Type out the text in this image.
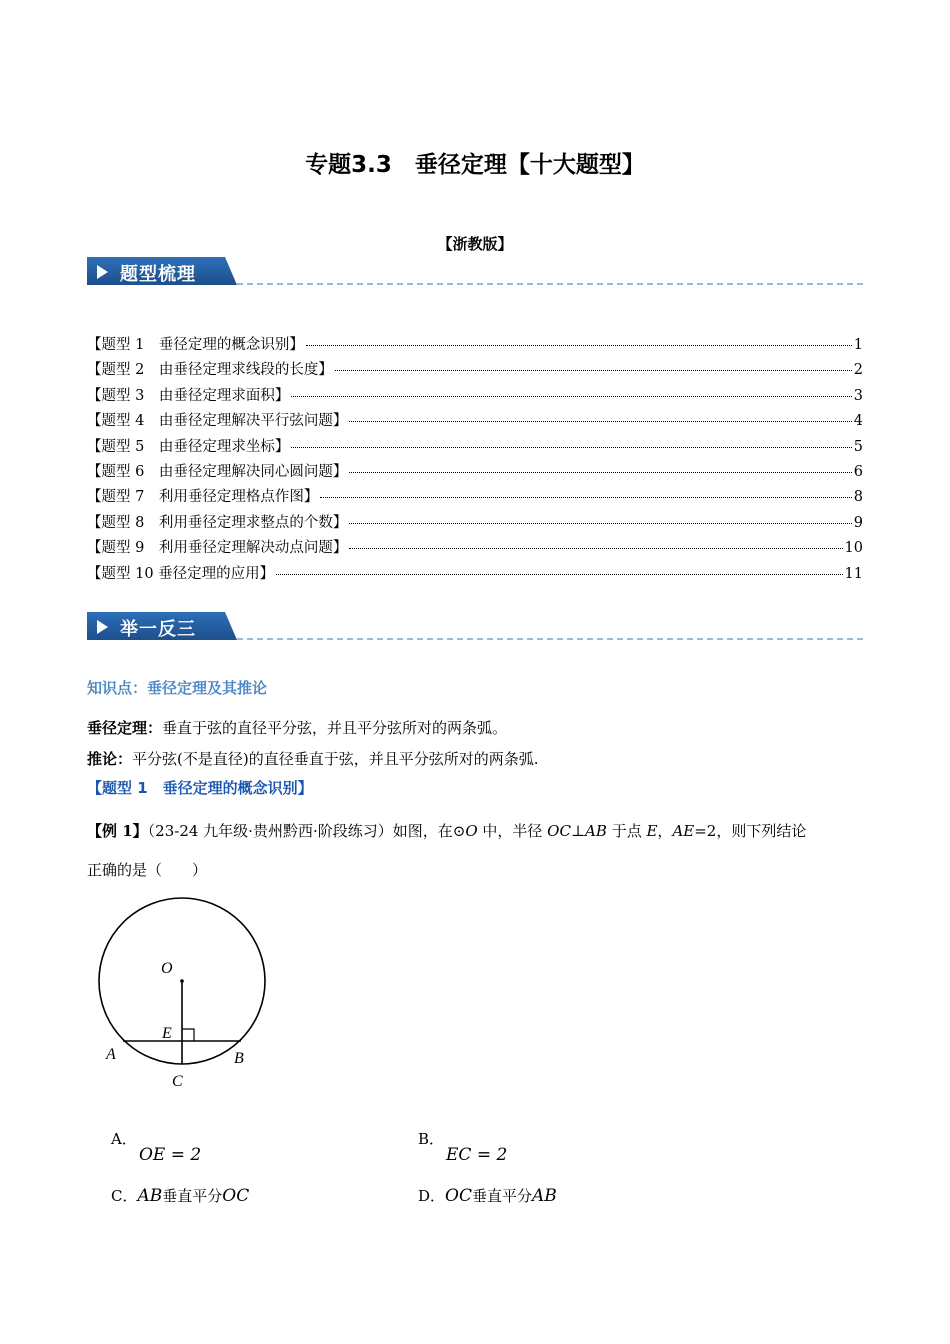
专题3.3　垂径定理【十大题型】
【浙教版】
题型梳理
【题型 1　垂径定理的概念识别】	1
【题型 2　由垂径定理求线段的长度】	2
【题型 3　由垂径定理求面积】	3
【题型 4　由垂径定理解决平行弦问题】	4
【题型 5　由垂径定理求坐标】	5
【题型 6　由垂径定理解决同心圆问题】	6
【题型 7　利用垂径定理格点作图】	8
【题型 8　利用垂径定理求整点的个数】	9
【题型 9　利用垂径定理解决动点问题】	10
【题型 10 垂径定理的应用】	11
举一反三
知识点：垂径定理及其推论
垂径定理：垂直于弦的直径平分弦，并且平分弦所对的两条弧。
推论：平分弦(不是直径)的直径垂直于弦，并且平分弦所对的两条弧.
【题型 1　垂径定理的概念识别】
【例 1】（23-24 九年级·贵州黔西·阶段练习）如图，在⊙O 中，半径 OC⊥AB 于点 E，AE=2，则下列结论
正确的是（　　）
O
E
A	B
C
A．
OE = 2
B．
EC = 2
C．AB垂直平分OC	D．OC垂直平分AB
